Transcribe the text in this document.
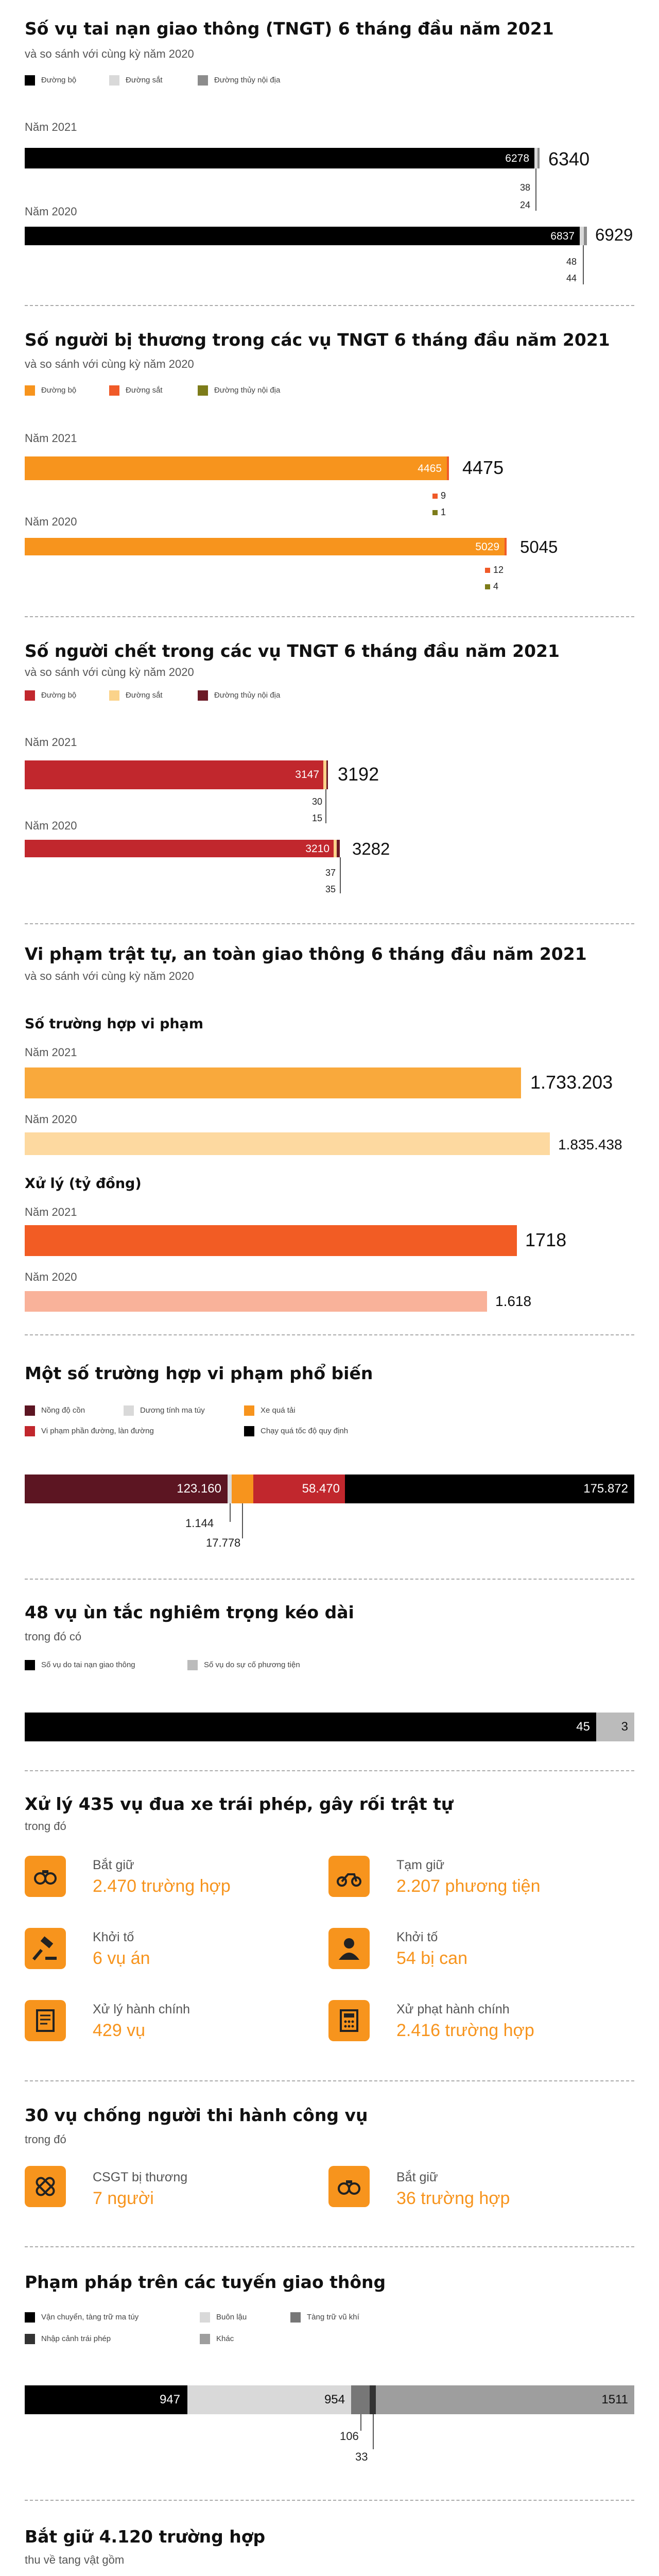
Số vụ tai nạn giao thông (TNGT) 6 tháng đầu năm 2021
và so sánh với cùng kỳ năm 2020
Đường bộ	Đường sắt	Đường thủy nội địa
Năm 2021
6278 6340
38
24
Năm 2020
6837 6929
48
44
Số người bị thương trong các vụ TNGT 6 tháng đầu năm 2021
và so sánh với cùng kỳ năm 2020
Đường bộ	Đường sắt	Đường thủy nội địa
Năm 2021
4465 4475
9
1
Năm 2020
5029 5045
12
4
Số người chết trong các vụ TNGT 6 tháng đầu năm 2021
và so sánh với cùng kỳ năm 2020
Đường bộ	Đường sắt	Đường thủy nội địa
Năm 2021
3147 3192
30
15
Năm 2020
3210 3282
37
35
Vi phạm trật tự, an toàn giao thông 6 tháng đầu năm 2021
và so sánh với cùng kỳ năm 2020
Số trường hợp vi phạm
Năm 2021
1.733.203
Năm 2020
1.835.438
Xử lý (tỷ đồng)
Năm 2021
1718
Năm 2020
1.618
Một số trường hợp vi phạm phổ biến
Nồng độ cồn	Dương tính ma túy	Xe quá tải
Vi phạm phần đường, làn đường	Chạy quá tốc độ quy định
123.160	58.470	175.872
1.144
17.778
48 vụ ùn tắc nghiêm trọng kéo dài
trong đó có
Số vụ do tai nạn giao thông	Số vụ do sự cố phương tiện
45	3
Xử lý 435 vụ đua xe trái phép, gây rối trật tự
trong đó
Bắt giữ
2.470 trường hợp
Tạm giữ
2.207 phương tiện
Khởi tố
6 vụ án
Khởi tố
54 bị can
Xử lý hành chính
429 vụ
Xử phạt hành chính
2.416 trường hợp
30 vụ chống người thi hành công vụ
trong đó
CSGT bị thương
7 người
Bắt giữ
36 trường hợp
Phạm pháp trên các tuyến giao thông
Vận chuyển, tàng trữ ma túy	Buôn lậu	Tàng trữ vũ khí
Nhập cảnh trái phép	Khác
947	954	1511
106
33
Bắt giữ 4.120 trường hợp
thu về tang vật gồm
